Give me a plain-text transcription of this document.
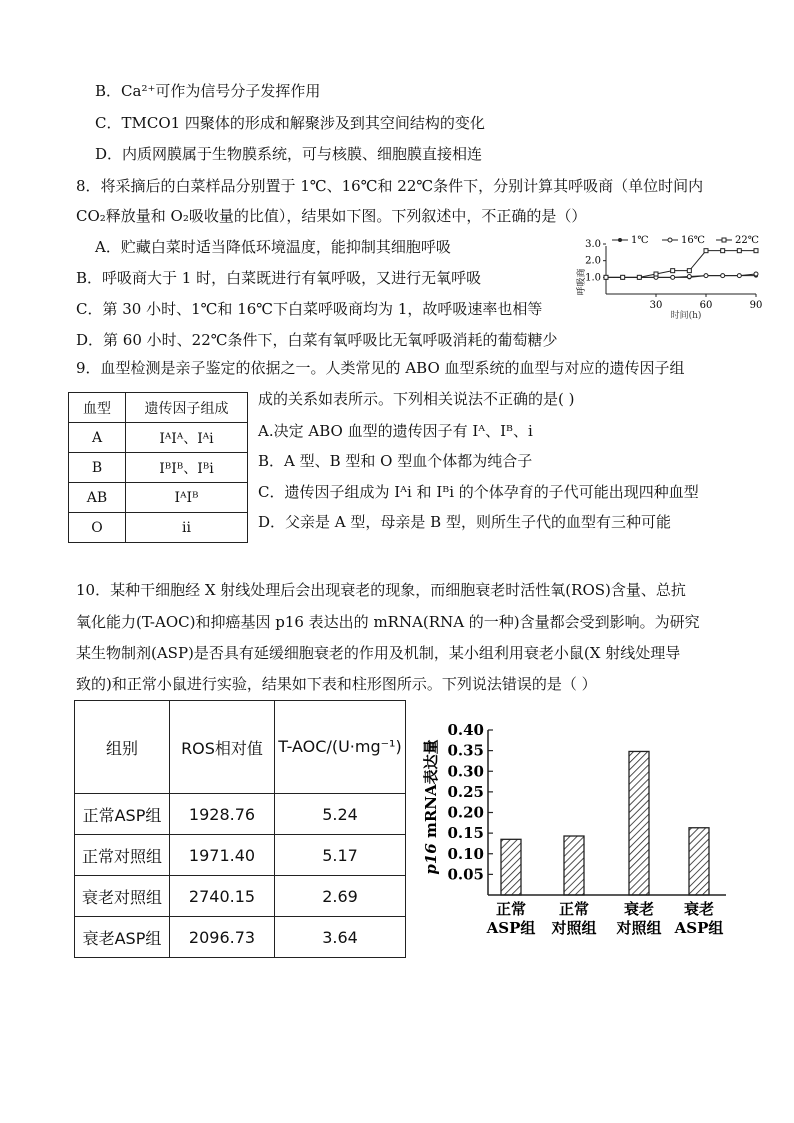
B．Ca²⁺可作为信号分子发挥作用
C．TMCO1 四聚体的形成和解聚涉及到其空间结构的变化
D．内质网膜属于生物膜系统，可与核膜、细胞膜直接相连
8．将采摘后的白菜样品分别置于 1℃、16℃和 22℃条件下，分别计算其呼吸商（单位时间内
CO₂释放量和 O₂吸收量的比值），结果如下图。下列叙述中，不正确的是（）
A．贮藏白菜时适当降低环境温度，能抑制其细胞呼吸
B．呼吸商大于 1 时，白菜既进行有氧呼吸，又进行无氧呼吸
C．第 30 小时、1℃和 16℃下白菜呼吸商均为 1，故呼吸速率也相等
D．第 60 小时、22℃条件下，白菜有氧呼吸比无氧呼吸消耗的葡萄糖少
呼吸商
1.0
2.0
3.0
30	60	90
时间(h)
1℃	16℃	22℃
9．血型检测是亲子鉴定的依据之一。人类常见的 ABO 血型系统的血型与对应的遗传因子组
血型	遗传因子组成
A	IᴬIᴬ、Iᴬi
B	IᴮIᴮ、Iᴮi
AB	IᴬIᴮ
O	ii
成的关系如表所示。下列相关说法不正确的是( )
A.决定 ABO 血型的遗传因子有 Iᴬ、Iᴮ、i
B．A 型、B 型和 O 型血个体都为纯合子
C．遗传因子组成为 Iᴬi 和 Iᴮi 的个体孕育的子代可能出现四种血型
D．父亲是 A 型，母亲是 B 型，则所生子代的血型有三种可能
10．某种干细胞经 X 射线处理后会出现衰老的现象，而细胞衰老时活性氧(ROS)含量、总抗
氧化能力(T-AOC)和抑癌基因 p16 表达出的 mRNA(RNA 的一种)含量都会受到影响。为研究
某生物制剂(ASP)是否具有延缓细胞衰老的作用及机制，某小组利用衰老小鼠(X 射线处理导
致的)和正常小鼠进行实验，结果如下表和柱形图所示。下列说法错误的是（ ）
组别	ROS相对值	T-AOC/(U·mg⁻¹)
正常ASP组	1928.76	5.24
正常对照组	1971.40	5.17
衰老对照组	2740.15	2.69
衰老ASP组	2096.73	3.64
p16 mRNA表达量
0.05
0.10
0.15
0.20
0.25
0.30
0.35
0.40
正常 ASP组
正常对照组
衰老对照组
衰老 ASP组
